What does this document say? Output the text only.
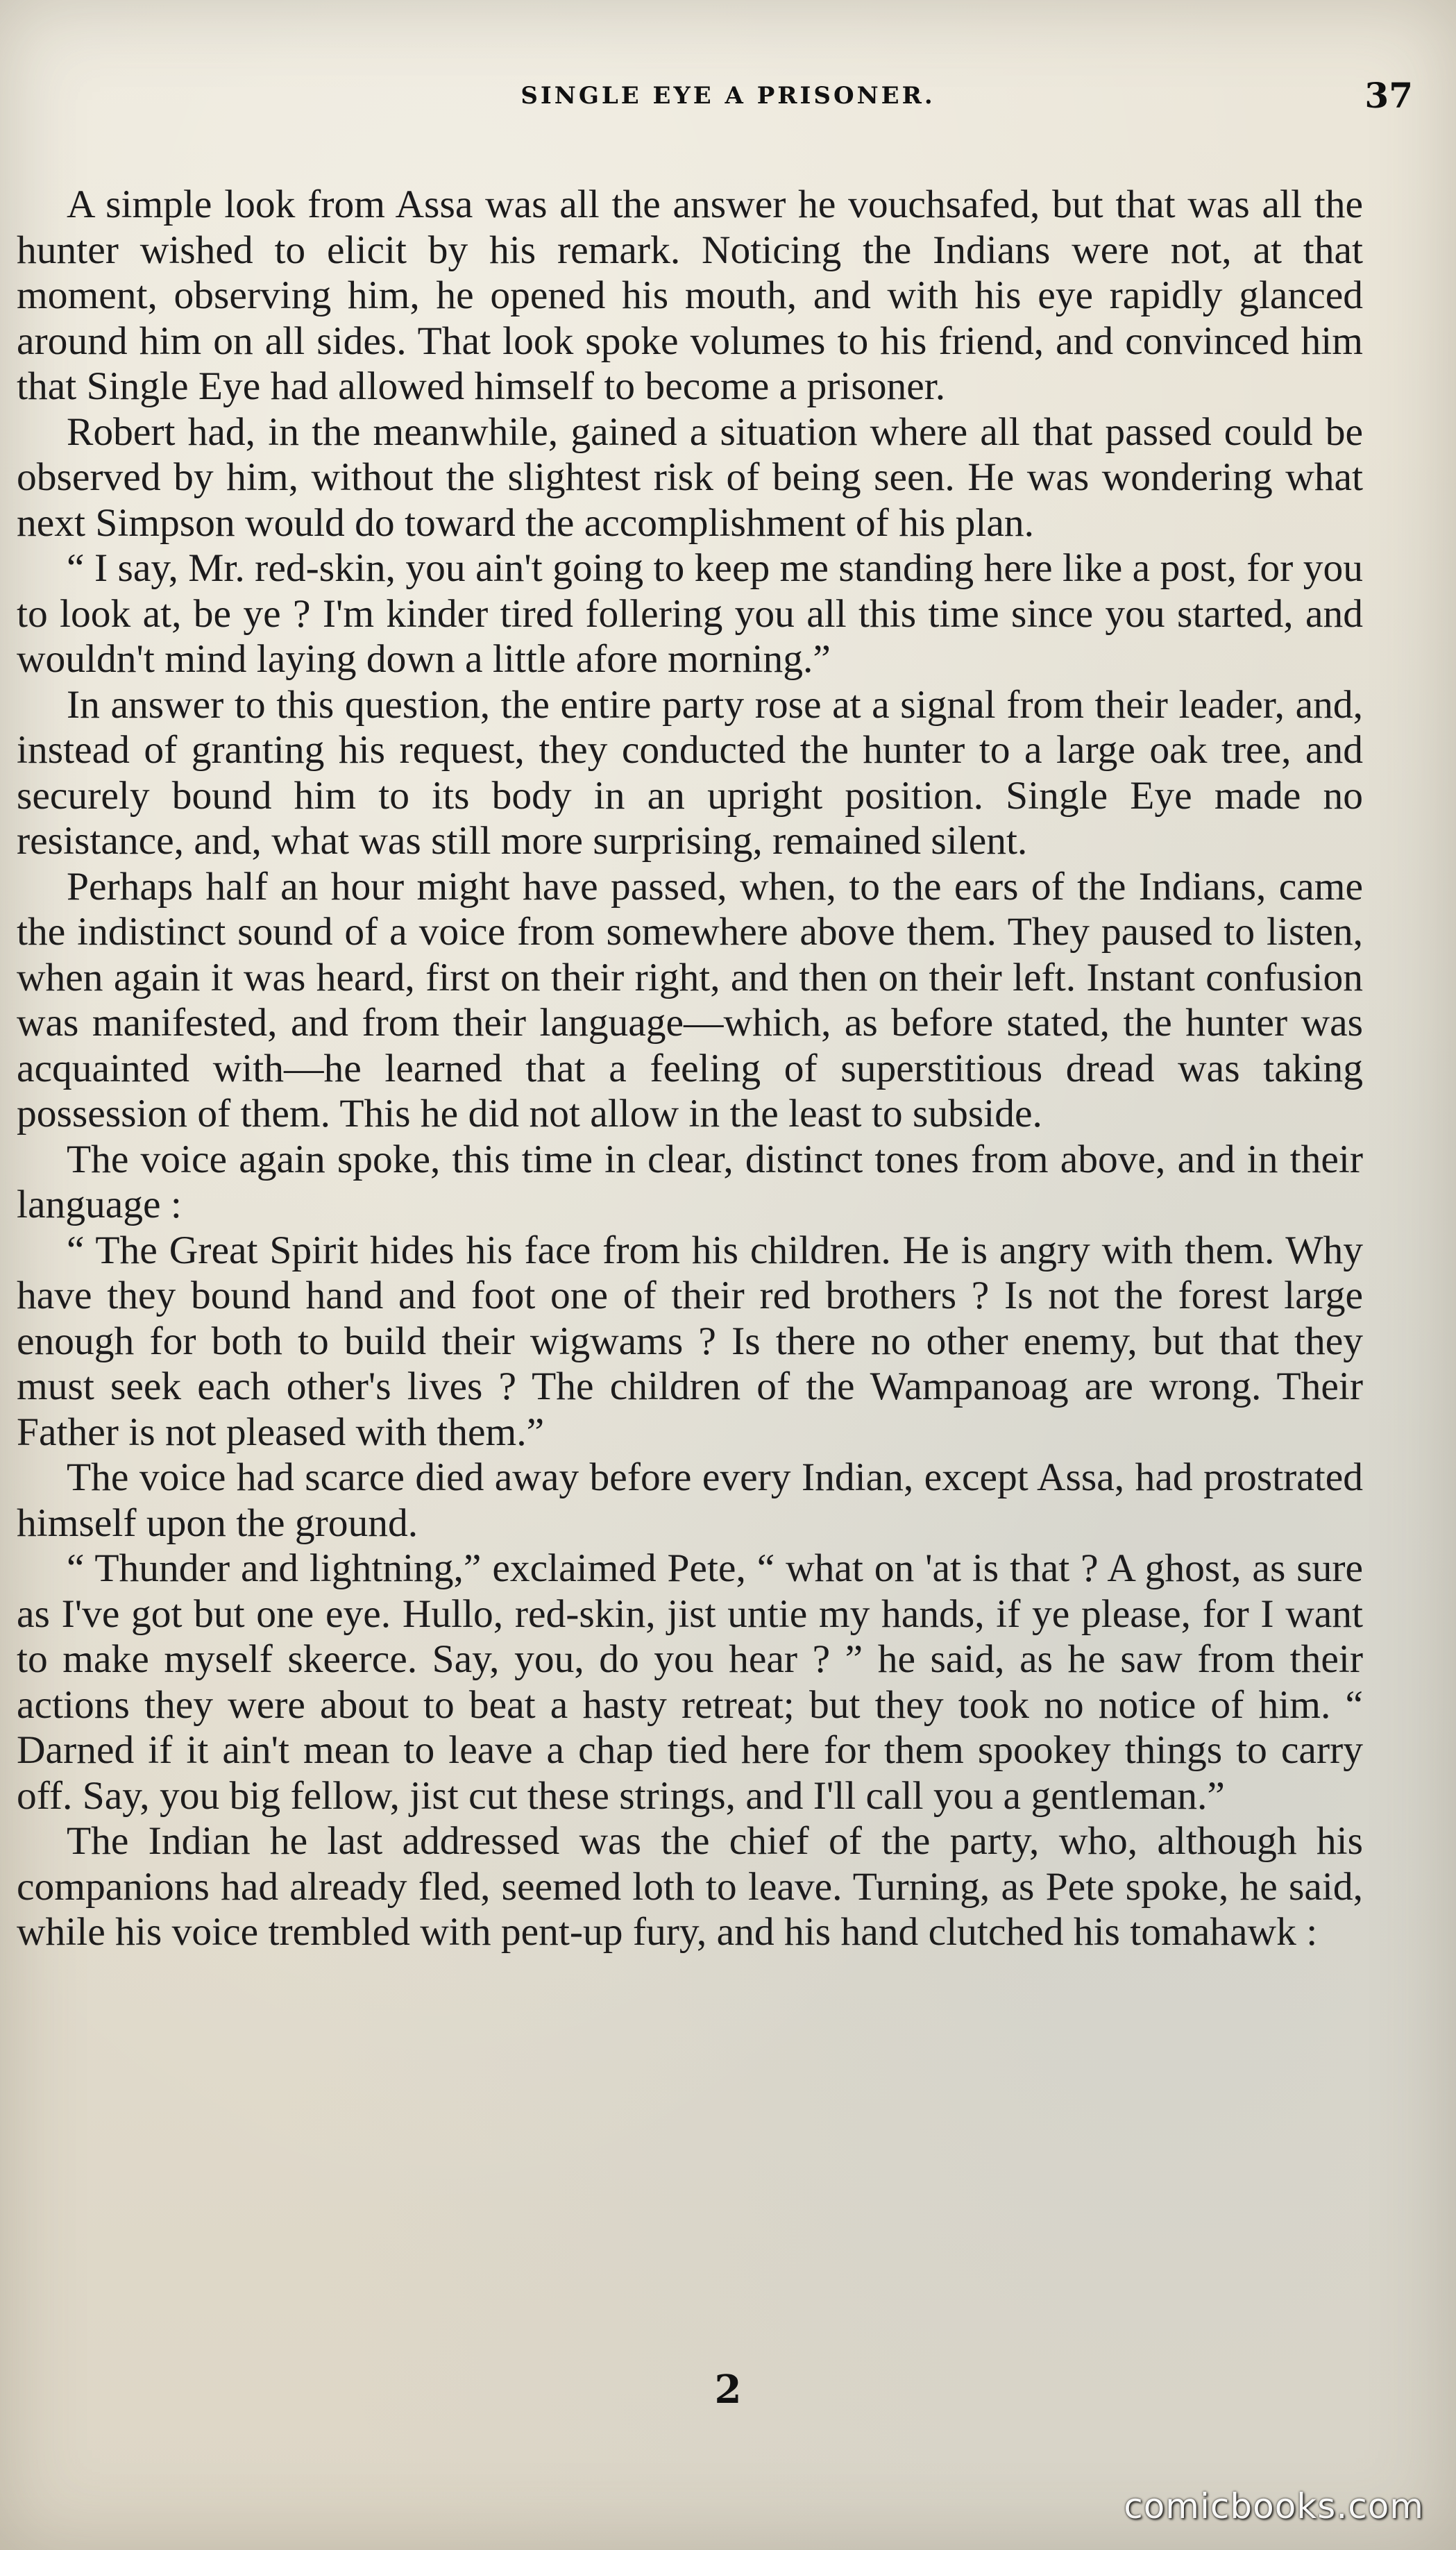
SINGLE EYE A PRISONER.	37

A simple look from Assa was all the answer he vouchsafed, but that was all the hunter wished to elicit by his remark. Noticing the Indians were not, at that moment, observing him, he opened his mouth, and with his eye rapidly glanced around him on all sides. That look spoke volumes to his friend, and convinced him that Single Eye had allowed himself to become a prisoner.

Robert had, in the meanwhile, gained a situation where all that passed could be observed by him, without the slightest risk of being seen. He was wondering what next Simpson would do toward the accomplishment of his plan.

“ I say, Mr. red-skin, you ain't going to keep me standing here like a post, for you to look at, be ye ? I'm kinder tired follering you all this time since you started, and wouldn't mind laying down a little afore morning.”

In answer to this question, the entire party rose at a signal from their leader, and, instead of granting his request, they conducted the hunter to a large oak tree, and securely bound him to its body in an upright position. Single Eye made no resistance, and, what was still more surprising, remained silent.

Perhaps half an hour might have passed, when, to the ears of the Indians, came the indistinct sound of a voice from somewhere above them. They paused to listen, when again it was heard, first on their right, and then on their left. Instant confusion was manifested, and from their language—which, as before stated, the hunter was acquainted with—he learned that a feeling of superstitious dread was taking possession of them. This he did not allow in the least to subside.

The voice again spoke, this time in clear, distinct tones from above, and in their language :

“ The Great Spirit hides his face from his children. He is angry with them. Why have they bound hand and foot one of their red brothers ? Is not the forest large enough for both to build their wigwams ? Is there no other enemy, but that they must seek each other's lives ? The children of the Wampanoag are wrong. Their Father is not pleased with them.”

The voice had scarce died away before every Indian, except Assa, had prostrated himself upon the ground.

“ Thunder and lightning,” exclaimed Pete, “ what on 'at is that ? A ghost, as sure as I've got but one eye. Hullo, red-skin, jist untie my hands, if ye please, for I want to make myself skeerce. Say, you, do you hear ? ” he said, as he saw from their actions they were about to beat a hasty retreat; but they took no notice of him. “ Darned if it ain't mean to leave a chap tied here for them spookey things to carry off. Say, you big fellow, jist cut these strings, and I'll call you a gentleman.”

The Indian he last addressed was the chief of the party, who, although his companions had already fled, seemed loth to leave. Turning, as Pete spoke, he said, while his voice trembled with pent-up fury, and his hand clutched his tomahawk :

2
comicbooks.com
